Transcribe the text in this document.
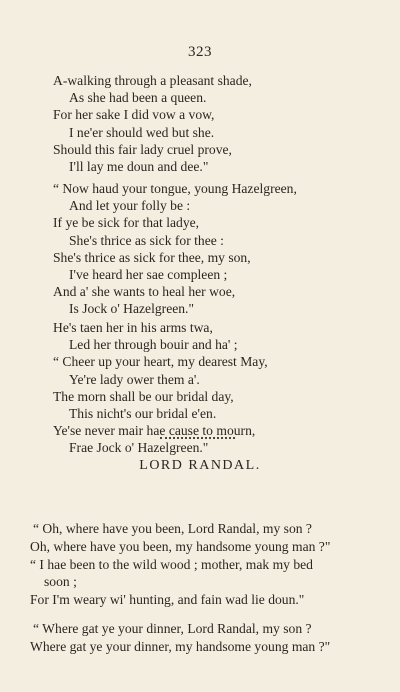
323
A-walking through a pleasant shade,
As she had been a queen.
For her sake I did vow a vow,
I ne'er should wed but she.
Should this fair lady cruel prove,
I'll lay me doun and dee."
“ Now haud your tongue, young Hazelgreen,
And let your folly be :
If ye be sick for that ladye,
She's thrice as sick for thee :
She's thrice as sick for thee, my son,
I've heard her sae compleen ;
And a' she wants to heal her woe,
Is Jock o' Hazelgreen."
He's taen her in his arms twa,
Led her through bouir and ha' ;
“ Cheer up your heart, my dearest May,
Ye're lady ower them a'.
The morn shall be our bridal day,
This nicht's our bridal e'en.
Ye'se never mair hae cause to mourn,
Frae Jock o' Hazelgreen."
LORD RANDAL.
“ Oh, where have you been, Lord Randal, my son ?
Oh, where have you been, my handsome young man ?"
“ I hae been to the wild wood ; mother, mak my bed
soon ;
For I'm weary wi' hunting, and fain wad lie doun."
“ Where gat ye your dinner, Lord Randal, my son ?
Where gat ye your dinner, my handsome young man ?"
